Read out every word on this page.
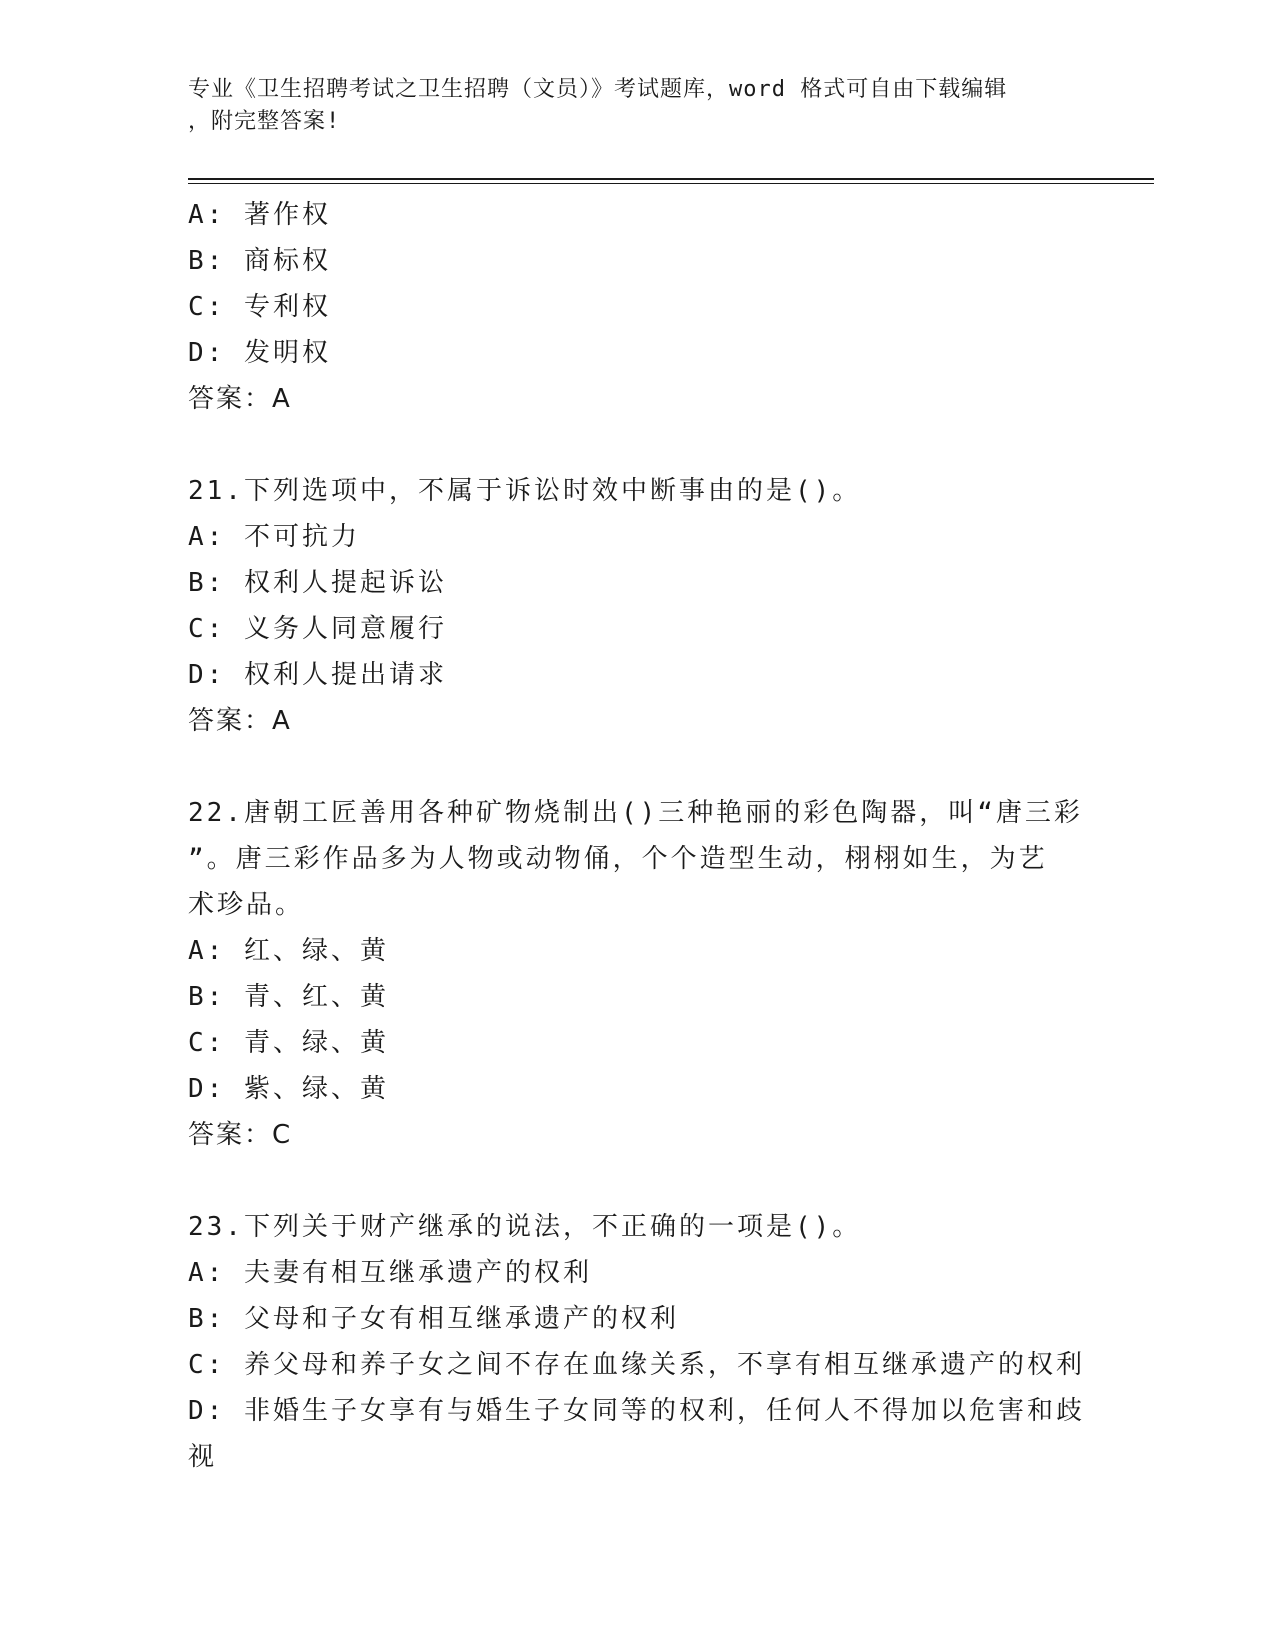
专业《卫生招聘考试之卫生招聘（文员）》考试题库，word 格式可自由下载编辑
，附完整答案!
A: 著作权
B: 商标权
C: 专利权
D: 发明权
答案：A
21.下列选项中，不属于诉讼时效中断事由的是()。
A: 不可抗力
B: 权利人提起诉讼
C: 义务人同意履行
D: 权利人提出请求
答案：A
22.唐朝工匠善用各种矿物烧制出()三种艳丽的彩色陶器，叫“唐三彩
”。唐三彩作品多为人物或动物俑，个个造型生动，栩栩如生，为艺
术珍品。
A: 红、绿、黄
B: 青、红、黄
C: 青、绿、黄
D: 紫、绿、黄
答案：C
23.下列关于财产继承的说法，不正确的一项是()。
A: 夫妻有相互继承遗产的权利
B: 父母和子女有相互继承遗产的权利
C: 养父母和养子女之间不存在血缘关系，不享有相互继承遗产的权利
D: 非婚生子女享有与婚生子女同等的权利，任何人不得加以危害和歧
视
